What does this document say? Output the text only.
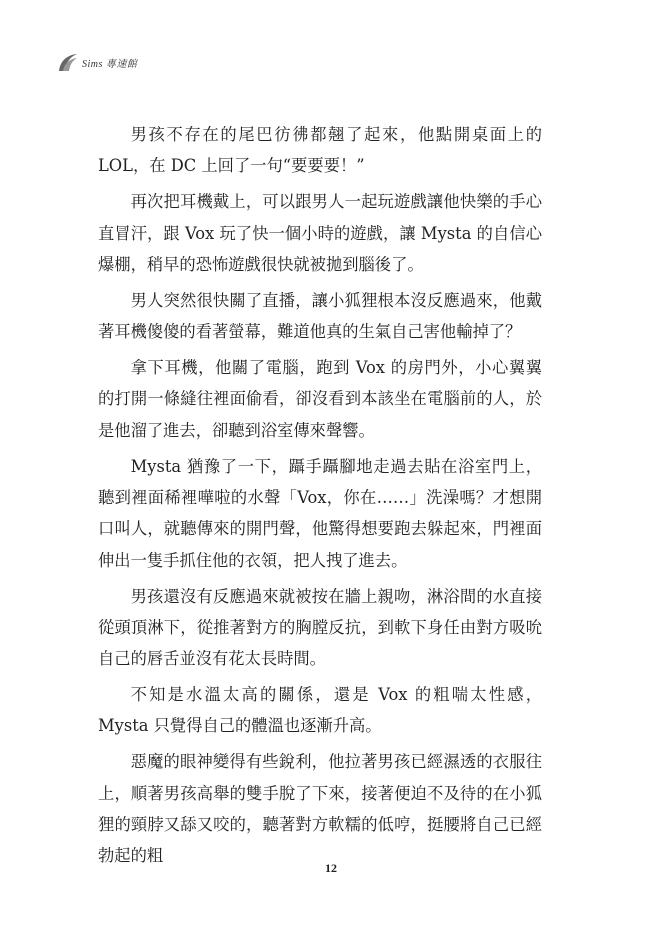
Sims 專速館

男孩不存在的尾巴彷彿都翹了起來，他點開桌面上的 LOL，在 DC 上回了一句“要要要！”

再次把耳機戴上，可以跟男人一起玩遊戲讓他快樂的手心直冒汗，跟 Vox 玩了快一個小時的遊戲，讓 Mysta 的自信心爆棚，稍早的恐怖遊戲很快就被拋到腦後了。

男人突然很快關了直播，讓小狐狸根本沒反應過來，他戴著耳機傻傻的看著螢幕，難道他真的生氣自己害他輸掉了？

拿下耳機，他關了電腦，跑到 Vox 的房門外，小心翼翼的打開一條縫往裡面偷看，卻沒看到本該坐在電腦前的人，於是他溜了進去，卻聽到浴室傳來聲響。

Mysta 猶豫了一下，躡手躡腳地走過去貼在浴室門上，聽到裡面稀裡嘩啦的水聲「Vox，你在……」洗澡嗎？才想開口叫人，就聽傳來的開門聲，他驚得想要跑去躲起來，門裡面伸出一隻手抓住他的衣領，把人拽了進去。

男孩還沒有反應過來就被按在牆上親吻，淋浴間的水直接從頭頂淋下，從推著對方的胸膛反抗，到軟下身任由對方吸吮自己的唇舌並沒有花太長時間。

不知是水溫太高的關係，還是 Vox 的粗喘太性感，Mysta 只覺得自己的體溫也逐漸升高。

惡魔的眼神變得有些銳利，他拉著男孩已經濕透的衣服往上，順著男孩高舉的雙手脫了下來，接著便迫不及待的在小狐狸的頸脖又舔又咬的，聽著對方軟糯的低哼，挺腰將自己已經勃起的粗

12
